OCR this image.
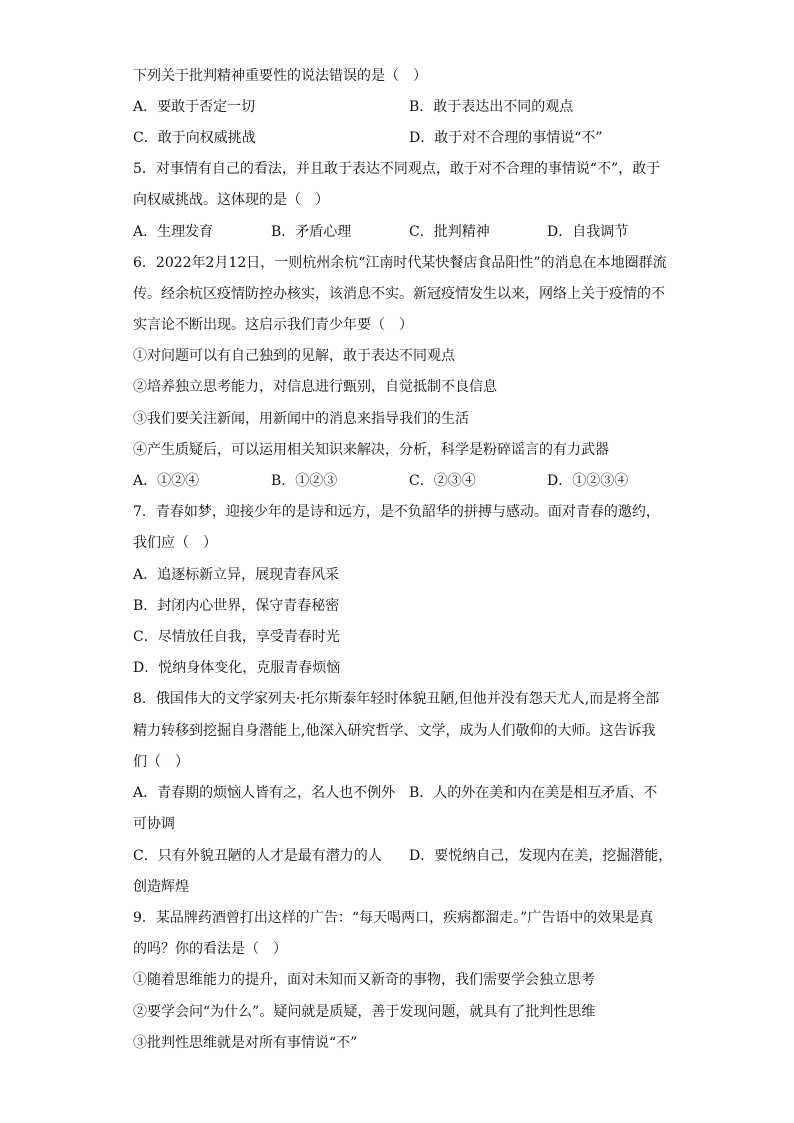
下列关于批判精神重要性的说法错误的是（　）
A．要敢于否定一切	B．敢于表达出不同的观点
C．敢于向权威挑战	D．敢于对不合理的事情说“不”
5．对事情有自己的看法，并且敢于表达不同观点，敢于对不合理的事情说“不”，敢于
向权威挑战。这体现的是（　）
A．生理发育	B．矛盾心理	C．批判精神	D．自我调节
6．2022年2月12日，一则杭州余杭“江南时代某快餐店食品阳性”的消息在本地圈群流
传。经余杭区疫情防控办核实，该消息不实。新冠疫情发生以来，网络上关于疫情的不
实言论不断出现。这启示我们青少年要（　）
①对问题可以有自己独到的见解，敢于表达不同观点
②培养独立思考能力，对信息进行甄别，自觉抵制不良信息
③我们要关注新闻，用新闻中的消息来指导我们的生活
④产生质疑后，可以运用相关知识来解决，分析，科学是粉碎谣言的有力武器
A．①②④	B．①②③	C．②③④	D．①②③④
7．青春如梦，迎接少年的是诗和远方，是不负韶华的拼搏与感动。面对青春的邀约，
我们应（　）
A．追逐标新立异，展现青春风采
B．封闭内心世界，保守青春秘密
C．尽情放任自我，享受青春时光
D．悦纳身体变化，克服青春烦恼
8．俄国伟大的文学家列夫·托尔斯泰年轻时体貌丑陋,但他并没有怨天尤人,而是将全部
精力转移到挖掘自身潜能上,他深入研究哲学、文学，成为人们敬仰的大师。这告诉我
们（　）
A．青春期的烦恼人皆有之，名人也不例外 B．人的外在美和内在美是相互矛盾、不
可协调
C．只有外貌丑陋的人才是最有潜力的人 D．要悦纳自己，发现内在美，挖掘潜能，
创造辉煌
9．某品牌药酒曾打出这样的广告：“每天喝两口，疾病都溜走。”广告语中的效果是真
的吗？你的看法是（　）
①随着思维能力的提升，面对未知而又新奇的事物，我们需要学会独立思考
②要学会问“为什么”。疑问就是质疑，善于发现问题，就具有了批判性思维
③批判性思维就是对所有事情说“不”
